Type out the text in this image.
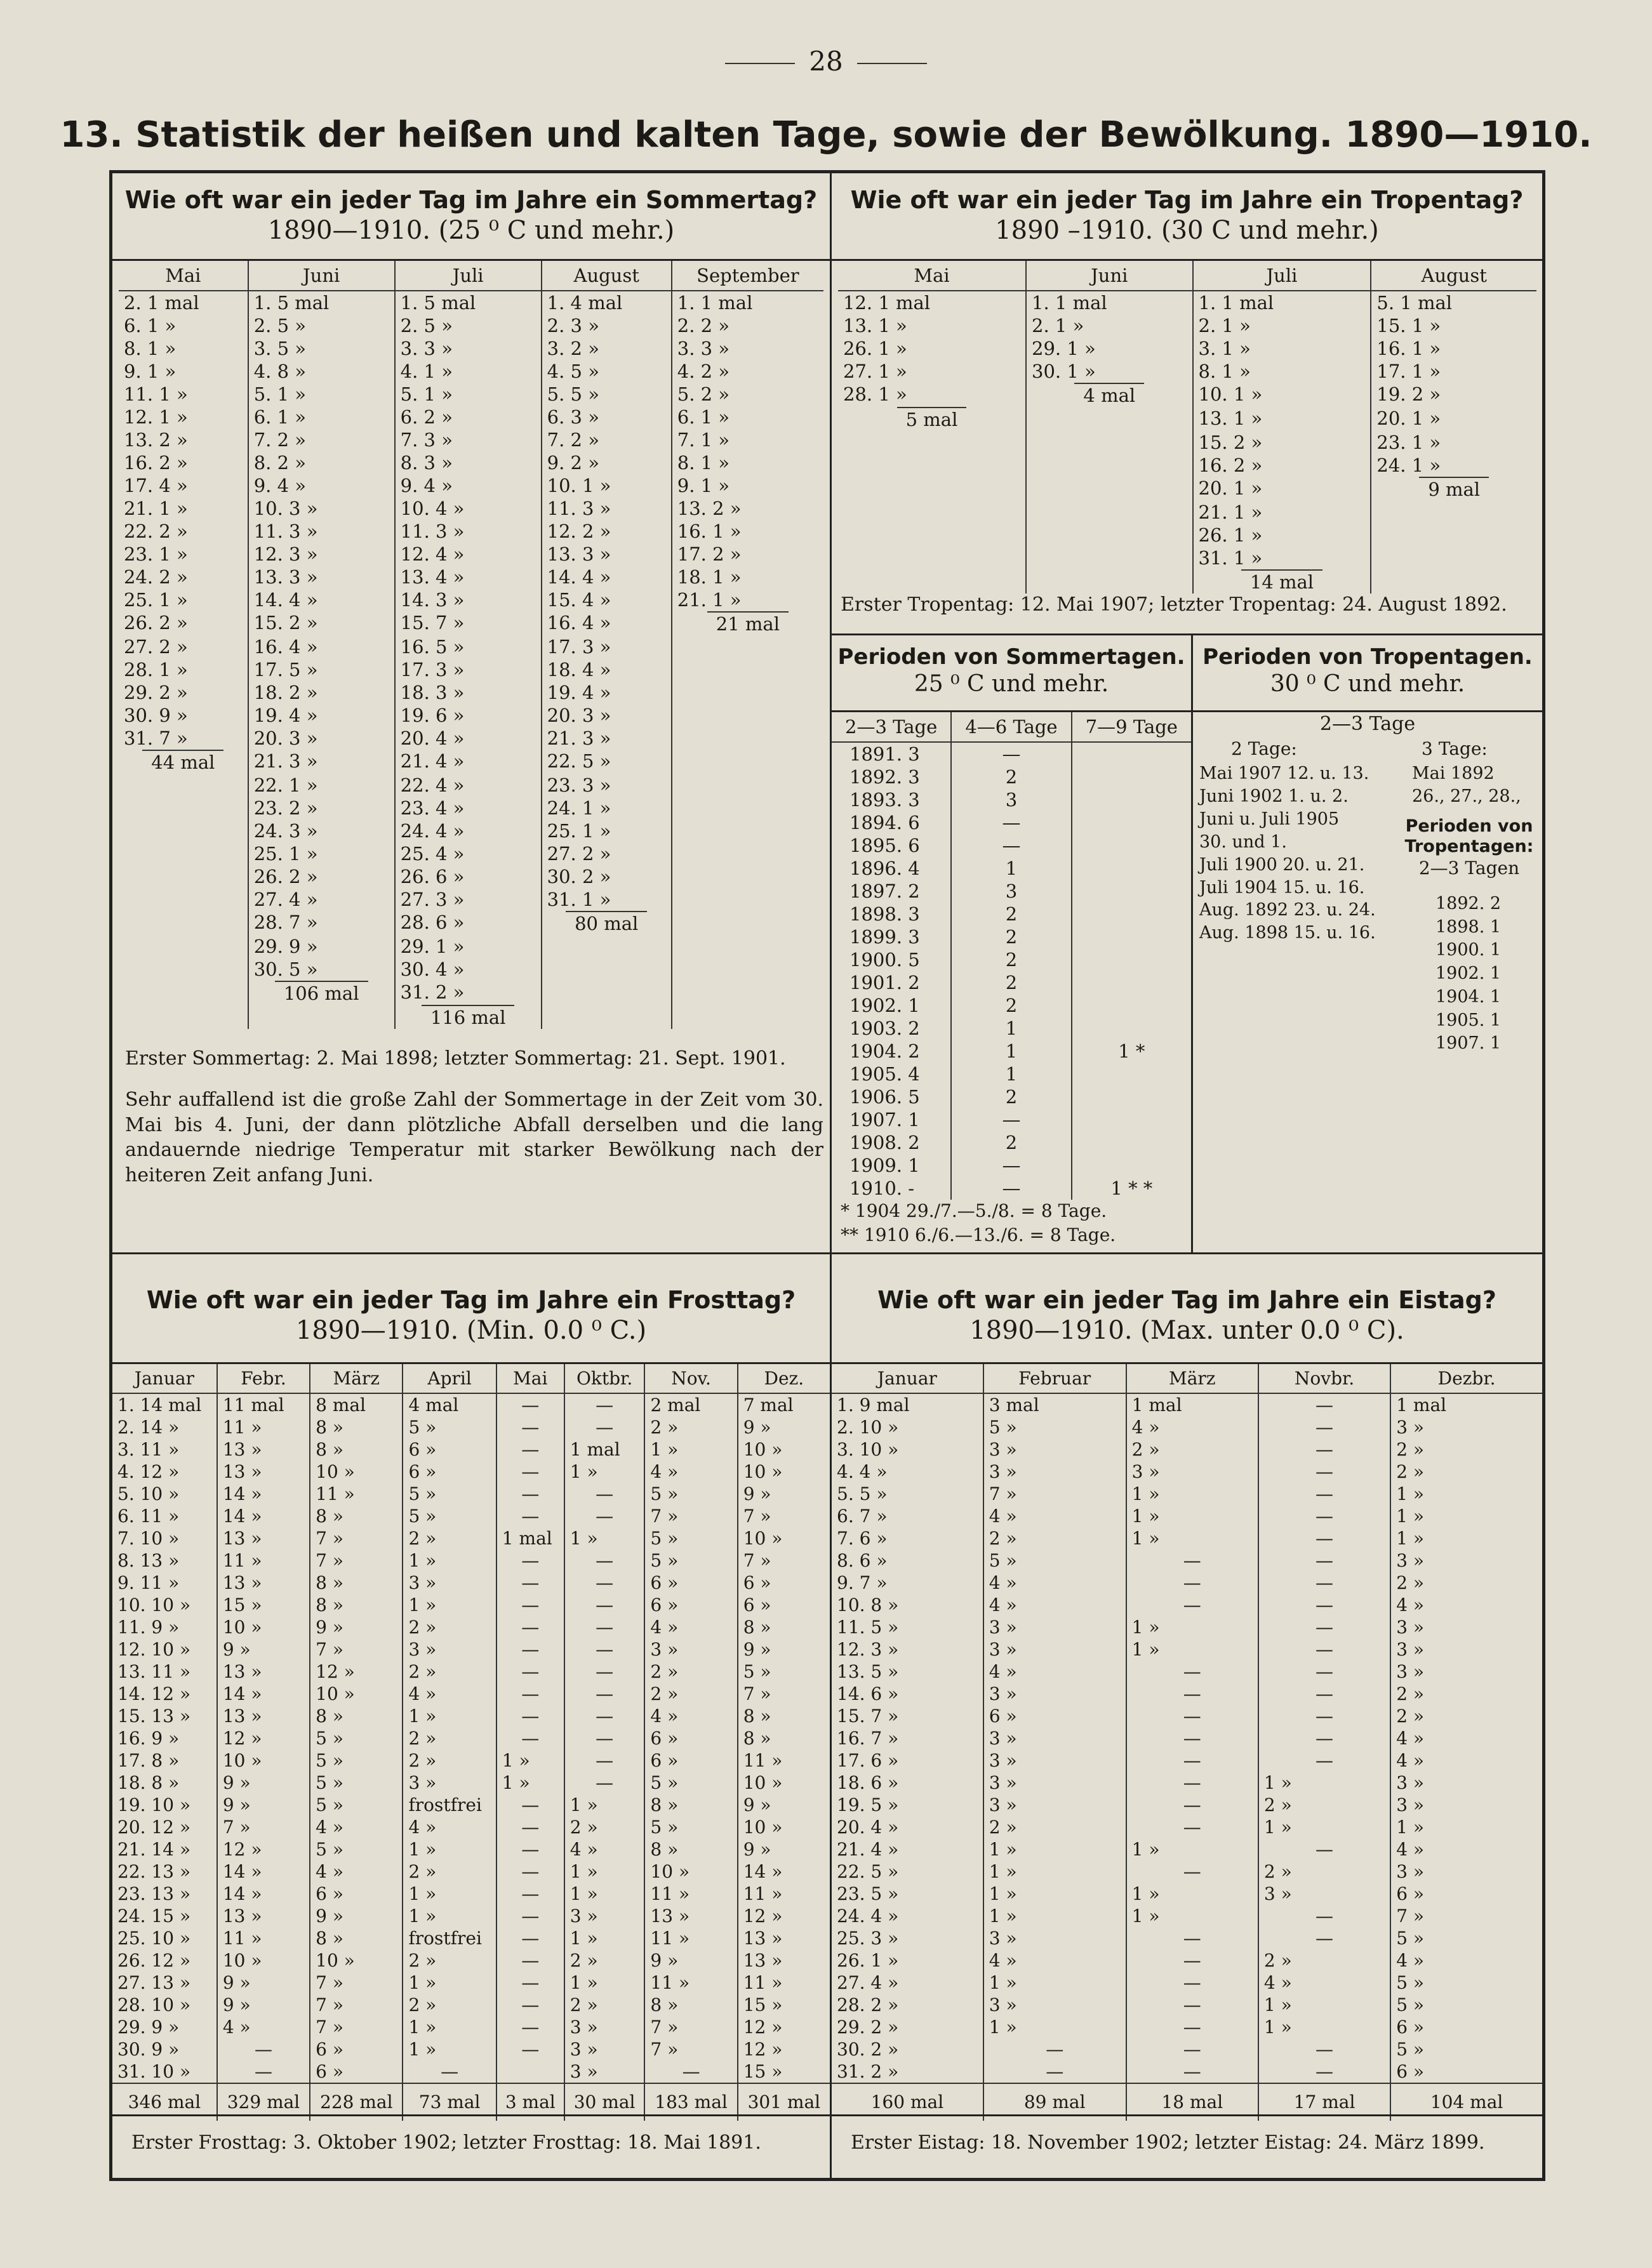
28
13. Statistik der heißen und kalten Tage, sowie der Bewölkung. 1890—1910.
Wie oft war ein jeder Tag im Jahre ein Sommertag?
1890—1910. (25 ⁰ C und mehr.)
Mai	Juni	Juli	August	September
2. 1 mal	1. 5 mal	1. 5 mal	1. 4 mal	1. 1 mal
6. 1 »	2. 5 »	2. 5 »	2. 3 »	2. 2 »
8. 1 »	3. 5 »	3. 3 »	3. 2 »	3. 3 »
9. 1 »	4. 8 »	4. 1 »	4. 5 »	4. 2 »
11. 1 »	5. 1 »	5. 1 »	5. 5 »	5. 2 »
12. 1 »	6. 1 »	6. 2 »	6. 3 »	6. 1 »
13. 2 »	7. 2 »	7. 3 »	7. 2 »	7. 1 »
16. 2 »	8. 2 »	8. 3 »	9. 2 »	8. 1 »
17. 4 »	9. 4 »	9. 4 »	10. 1 »	9. 1 »
21. 1 »	10. 3 »	10. 4 »	11. 3 »	13. 2 »
22. 2 »	11. 3 »	11. 3 »	12. 2 »	16. 1 »
23. 1 »	12. 3 »	12. 4 »	13. 3 »	17. 2 »
24. 2 »	13. 3 »	13. 4 »	14. 4 »	18. 1 »
25. 1 »	14. 4 »	14. 3 »	15. 4 »	21. 1 »
26. 2 »	15. 2 »	15. 7 »	16. 4 »	21 mal
27. 2 »	16. 4 »	16. 5 »	17. 3 »	
28. 1 »	17. 5 »	17. 3 »	18. 4 »	
29. 2 »	18. 2 »	18. 3 »	19. 4 »	
30. 9 »	19. 4 »	19. 6 »	20. 3 »	
31. 7 »	20. 3 »	20. 4 »	21. 3 »	
44 mal	21. 3 »	21. 4 »	22. 5 »	
	22. 1 »	22. 4 »	23. 3 »	
	23. 2 »	23. 4 »	24. 1 »	
	24. 3 »	24. 4 »	25. 1 »	
	25. 1 »	25. 4 »	27. 2 »	
	26. 2 »	26. 6 »	30. 2 »	
	27. 4 »	27. 3 »	31. 1 »	
	28. 7 »	28. 6 »	80 mal	
	29. 9 »	29. 1 »		
	30. 5 »	30. 4 »		
	106 mal	31. 2 »		
		116 mal		
Erster Sommertag: 2. Mai 1898; letzter Sommertag: 21. Sept. 1901.
Sehr auffallend ist die große Zahl der Sommertage in der Zeit vom 30. Mai bis 4. Juni, der dann plötzliche Abfall derselben und die lang andauernde niedrige Temperatur mit starker Bewölkung nach der heiteren Zeit anfang Juni.
Wie oft war ein jeder Tag im Jahre ein Tropentag?
1890 –1910. (30 C und mehr.)
Mai	Juni	Juli	August
12. 1 mal	1. 1 mal	1. 1 mal	5. 1 mal
13. 1 »	2. 1 »	2. 1 »	15. 1 »
26. 1 »	29. 1 »	3. 1 »	16. 1 »
27. 1 »	30. 1 »	8. 1 »	17. 1 »
28. 1 »	4 mal	10. 1 »	19. 2 »
5 mal		13. 1 »	20. 1 »
		15. 2 »	23. 1 »
		16. 2 »	24. 1 »
		20. 1 »	9 mal
		21. 1 »	
		26. 1 »	
		31. 1 »	
		14 mal	
Erster Tropentag: 12. Mai 1907; letzter Tropentag: 24. August 1892.
Perioden von Sommertagen.
25 ⁰ C und mehr.
2—3 Tage	4—6 Tage	7—9 Tage
1891. 3	—	
1892. 3	2	
1893. 3	3	
1894. 6	—	
1895. 6	—	
1896. 4	1	
1897. 2	3	
1898. 3	2	
1899. 3	2	
1900. 5	2	
1901. 2	2	
1902. 1	2	
1903. 2	1	
1904. 2	1	1 *
1905. 4	1	
1906. 5	2	
1907. 1	—	
1908. 2	2	
1909. 1	—	
1910. -	—	1 * *
* 1904 29./7.—5./8. = 8 Tage.
** 1910 6./6.—13./6. = 8 Tage.
Perioden von Tropentagen.
30 ⁰ C und mehr.
2—3 Tage
2 Tage:	3 Tage:
Mai 1907 12. u. 13.
Juni 1902 1. u. 2.
Juni u. Juli 1905
30. und 1.
Juli 1900 20. u. 21.
Juli 1904 15. u. 16.
Aug. 1892 23. u. 24.
Aug. 1898 15. u. 16.
Mai 1892
26., 27., 28.,
Perioden von Tropentagen:
2—3 Tagen
1892. 2
1898. 1
1900. 1
1902. 1
1904. 1
1905. 1
1907. 1
Wie oft war ein jeder Tag im Jahre ein Frosttag?
1890—1910. (Min. 0.0 ⁰ C.)
Januar	Febr.	März	April	Mai	Oktbr.	Nov.	Dez.
1. 14 mal	11 mal	8 mal	4 mal	—	—	2 mal	7 mal
2. 14 »	11 »	8 »	5 »	—	—	2 »	9 »
3. 11 »	13 »	8 »	6 »	—	1 mal	1 »	10 »
4. 12 »	13 »	10 »	6 »	—	1 »	4 »	10 »
5. 10 »	14 »	11 »	5 »	—	—	5 »	9 »
6. 11 »	14 »	8 »	5 »	—	—	7 »	7 »
7. 10 »	13 »	7 »	2 »	1 mal	1 »	5 »	10 »
8. 13 »	11 »	7 »	1 »	—	—	5 »	7 »
9. 11 »	13 »	8 »	3 »	—	—	6 »	6 »
10. 10 »	15 »	8 »	1 »	—	—	6 »	6 »
11. 9 »	10 »	9 »	2 »	—	—	4 »	8 »
12. 10 »	9 »	7 »	3 »	—	—	3 »	9 »
13. 11 »	13 »	12 »	2 »	—	—	2 »	5 »
14. 12 »	14 »	10 »	4 »	—	—	2 »	7 »
15. 13 »	13 »	8 »	1 »	—	—	4 »	8 »
16. 9 »	12 »	5 »	2 »	—	—	6 »	8 »
17. 8 »	10 »	5 »	2 »	1 »	—	6 »	11 »
18. 8 »	9 »	5 »	3 »	1 »	—	5 »	10 »
19. 10 »	9 »	5 »	frostfrei	—	1 »	8 »	9 »
20. 12 »	7 »	4 »	4 »	—	2 »	5 »	10 »
21. 14 »	12 »	5 »	1 »	—	4 »	8 »	9 »
22. 13 »	14 »	4 »	2 »	—	1 »	10 »	14 »
23. 13 »	14 »	6 »	1 »	—	1 »	11 »	11 »
24. 15 »	13 »	9 »	1 »	—	3 »	13 »	12 »
25. 10 »	11 »	8 »	frostfrei	—	1 »	11 »	13 »
26. 12 »	10 »	10 »	2 »	—	2 »	9 »	13 »
27. 13 »	9 »	7 »	1 »	—	1 »	11 »	11 »
28. 10 »	9 »	7 »	2 »	—	2 »	8 »	15 »
29. 9 »	4 »	7 »	1 »	—	3 »	7 »	12 »
30. 9 »	—	6 »	1 »	—	3 »	7 »	12 »
31. 10 »	—	6 »	—		3 »	—	15 »
346 mal	329 mal	228 mal	73 mal	3 mal	30 mal	183 mal	301 mal
Erster Frosttag: 3. Oktober 1902; letzter Frosttag: 18. Mai 1891.
Wie oft war ein jeder Tag im Jahre ein Eistag?
1890—1910. (Max. unter 0.0 ⁰ C).
Januar	Februar	März	Novbr.	Dezbr.
1. 9 mal	3 mal	1 mal	—	1 mal
2. 10 »	5 »	4 »	—	3 »
3. 10 »	3 »	2 »	—	2 »
4. 4 »	3 »	3 »	—	2 »
5. 5 »	7 »	1 »	—	1 »
6. 7 »	4 »	1 »	—	1 »
7. 6 »	2 »	1 »	—	1 »
8. 6 »	5 »	—	—	3 »
9. 7 »	4 »	—	—	2 »
10. 8 »	4 »	—	—	4 »
11. 5 »	3 »	1 »	—	3 »
12. 3 »	3 »	1 »	—	3 »
13. 5 »	4 »	—	—	3 »
14. 6 »	3 »	—	—	2 »
15. 7 »	6 »	—	—	2 »
16. 7 »	3 »	—	—	4 »
17. 6 »	3 »	—	—	4 »
18. 6 »	3 »	—	1 »	3 »
19. 5 »	3 »	—	2 »	3 »
20. 4 »	2 »	—	1 »	1 »
21. 4 »	1 »	1 »	—	4 »
22. 5 »	1 »	—	2 »	3 »
23. 5 »	1 »	1 »	3 »	6 »
24. 4 »	1 »	1 »	—	7 »
25. 3 »	3 »	—	—	5 »
26. 1 »	4 »	—	2 »	4 »
27. 4 »	1 »	—	4 »	5 »
28. 2 »	3 »	—	1 »	5 »
29. 2 »	1 »	—	1 »	6 »
30. 2 »	—	—	—	5 »
31. 2 »	—	—	—	6 »
160 mal	89 mal	18 mal	17 mal	104 mal
Erster Eistag: 18. November 1902; letzter Eistag: 24. März 1899.
